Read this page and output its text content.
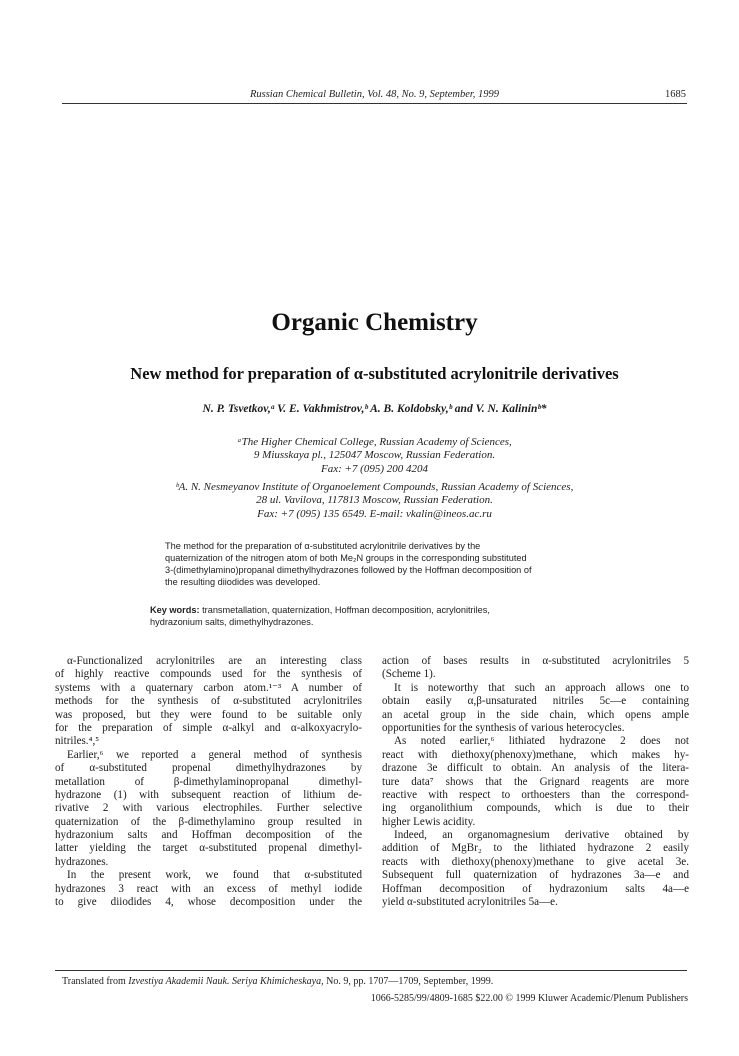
Russian Chemical Bulletin, Vol. 48, No. 9, September, 1999	1685
Organic Chemistry
New method for preparation of α-substituted acrylonitrile derivatives
N. P. Tsvetkov,ᵃ V. E. Vakhmistrov,ᵇ A. B. Koldobsky,ᵇ and V. N. Kalininᵇ*
ᵃThe Higher Chemical College, Russian Academy of Sciences,
9 Miusskaya pl., 125047 Moscow, Russian Federation.
Fax: +7 (095) 200 4204
ᵇA. N. Nesmeyanov Institute of Organoelement Compounds, Russian Academy of Sciences,
28 ul. Vavilova, 117813 Moscow, Russian Federation.
Fax: +7 (095) 135 6549. E-mail: vkalin@ineos.ac.ru
The method for the preparation of α-substituted acrylonitrile derivatives by the
quaternization of the nitrogen atom of both Me₂N groups in the corresponding substituted
3-(dimethylamino)propanal dimethylhydrazones followed by the Hoffman decomposition of
the resulting diiodides was developed.
Key words: transmetallation, quaternization, Hoffman decomposition, acrylonitriles,
hydrazonium salts, dimethylhydrazones.
α-Functionalized acrylonitriles are an interesting class
of highly reactive compounds used for the synthesis of
systems with a quaternary carbon atom.¹⁻³ A number of
methods for the synthesis of α-substituted acrylonitriles
was proposed, but they were found to be suitable only
for the preparation of simple α-alkyl and α-alkoxyacrylo-
nitriles.⁴,⁵
Earlier,⁶ we reported a general method of synthesis
of α-substituted propenal dimethylhydrazones by
metallation of β-dimethylaminopropanal dimethyl-
hydrazone (1) with subsequent reaction of lithium de-
rivative 2 with various electrophiles. Further selective
quaternization of the β-dimethylamino group resulted in
hydrazonium salts and Hoffman decomposition of the
latter yielding the target α-substituted propenal dimethyl-
hydrazones.
In the present work, we found that α-substituted
hydrazones 3 react with an excess of methyl iodide
to give diiodides 4, whose decomposition under the
action of bases results in α-substituted acrylonitriles 5
(Scheme 1).
It is noteworthy that such an approach allows one to
obtain easily α,β-unsaturated nitriles 5c—e containing
an acetal group in the side chain, which opens ample
opportunities for the synthesis of various heterocycles.
As noted earlier,⁶ lithiated hydrazone 2 does not
react with diethoxy(phenoxy)methane, which makes hy-
drazone 3e difficult to obtain. An analysis of the litera-
ture data⁷ shows that the Grignard reagents are more
reactive with respect to orthoesters than the correspond-
ing organolithium compounds, which is due to their
higher Lewis acidity.
Indeed, an organomagnesium derivative obtained by
addition of MgBr₂ to the lithiated hydrazone 2 easily
reacts with diethoxy(phenoxy)methane to give acetal 3e.
Subsequent full quaternization of hydrazones 3a—e and
Hoffman decomposition of hydrazonium salts 4a—e
yield α-substituted acrylonitriles 5a—e.
Translated from Izvestiya Akademii Nauk. Seriya Khimicheskaya, No. 9, pp. 1707—1709, September, 1999.
1066-5285/99/4809-1685 $22.00 © 1999 Kluwer Academic/Plenum Publishers
